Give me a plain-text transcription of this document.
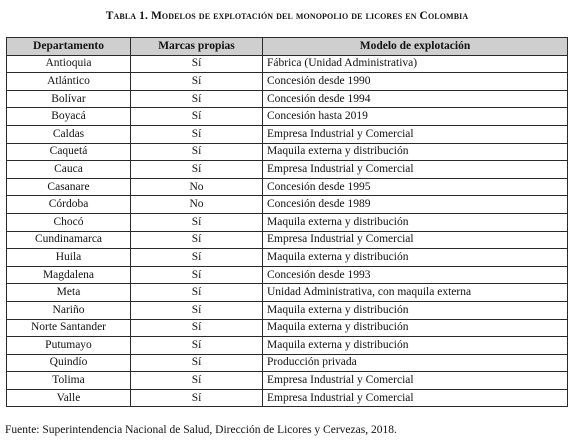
Tabla 1. Modelos de explotación del monopolio de licores en Colombia
Departamento	Marcas propias	Modelo de explotación
Antioquia	Sí	Fábrica (Unidad Administrativa)
Atlántico	Sí	Concesión desde 1990
Bolívar	Sí	Concesión desde 1994
Boyacá	Sí	Concesión hasta 2019
Caldas	Sí	Empresa Industrial y Comercial
Caquetá	Sí	Maquila externa y distribución
Cauca	Sí	Empresa Industrial y Comercial
Casanare	No	Concesión desde 1995
Córdoba	No	Concesión desde 1989
Chocó	Sí	Maquila externa y distribución
Cundinamarca	Sí	Empresa Industrial y Comercial
Huila	Sí	Maquila externa y distribución
Magdalena	Sí	Concesión desde 1993
Meta	Sí	Unidad Administrativa, con maquila externa
Nariño	Sí	Maquila externa y distribución
Norte Santander	Sí	Maquila externa y distribución
Putumayo	Sí	Maquila externa y distribución
Quindío	Sí	Producción privada
Tolima	Sí	Empresa Industrial y Comercial
Valle	Sí	Empresa Industrial y Comercial
Fuente: Superintendencia Nacional de Salud, Dirección de Licores y Cervezas, 2018.
